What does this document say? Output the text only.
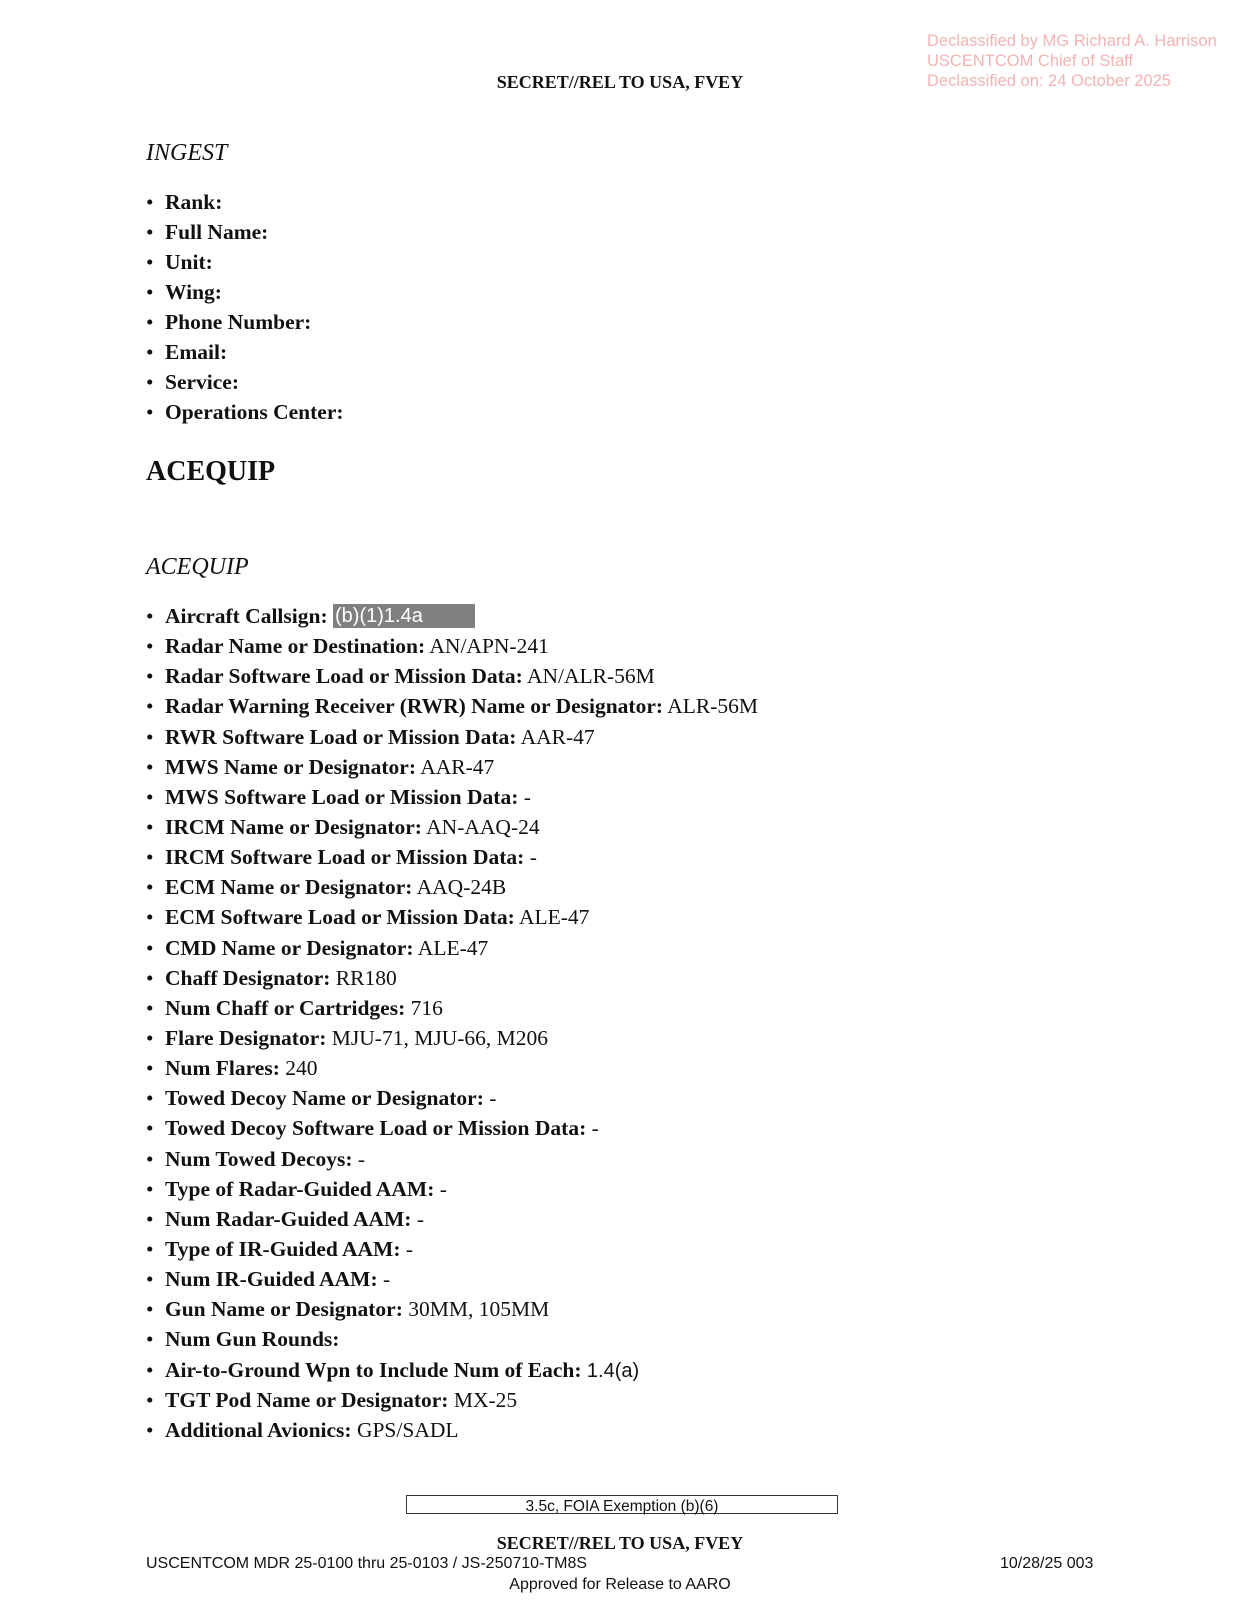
Declassified by MG Richard A. Harrison
USCENTCOM Chief of Staff
Declassified on: 24 October 2025
SECRET//REL TO USA, FVEY
INGEST
• Rank:
• Full Name:
• Unit:
• Wing:
• Phone Number:
• Email:
• Service:
• Operations Center:
ACEQUIP
ACEQUIP
• Aircraft Callsign: (b)(1)1.4a
• Radar Name or Destination: AN/APN-241
• Radar Software Load or Mission Data: AN/ALR-56M
• Radar Warning Receiver (RWR) Name or Designator: ALR-56M
• RWR Software Load or Mission Data: AAR-47
• MWS Name or Designator: AAR-47
• MWS Software Load or Mission Data: -
• IRCM Name or Designator: AN-AAQ-24
• IRCM Software Load or Mission Data: -
• ECM Name or Designator: AAQ-24B
• ECM Software Load or Mission Data: ALE-47
• CMD Name or Designator: ALE-47
• Chaff Designator: RR180
• Num Chaff or Cartridges: 716
• Flare Designator: MJU-71, MJU-66, M206
• Num Flares: 240
• Towed Decoy Name or Designator: -
• Towed Decoy Software Load or Mission Data: -
• Num Towed Decoys: -
• Type of Radar-Guided AAM: -
• Num Radar-Guided AAM: -
• Type of IR-Guided AAM: -
• Num IR-Guided AAM: -
• Gun Name or Designator: 30MM, 105MM
• Num Gun Rounds:
• Air-to-Ground Wpn to Include Num of Each: 1.4(a)
• TGT Pod Name or Designator: MX-25
• Additional Avionics: GPS/SADL
3.5c, FOIA Exemption (b)(6)
SECRET//REL TO USA, FVEY
USCENTCOM MDR 25-0100 thru 25-0103 / JS-250710-TM8S	10/28/25 003
Approved for Release to AARO
